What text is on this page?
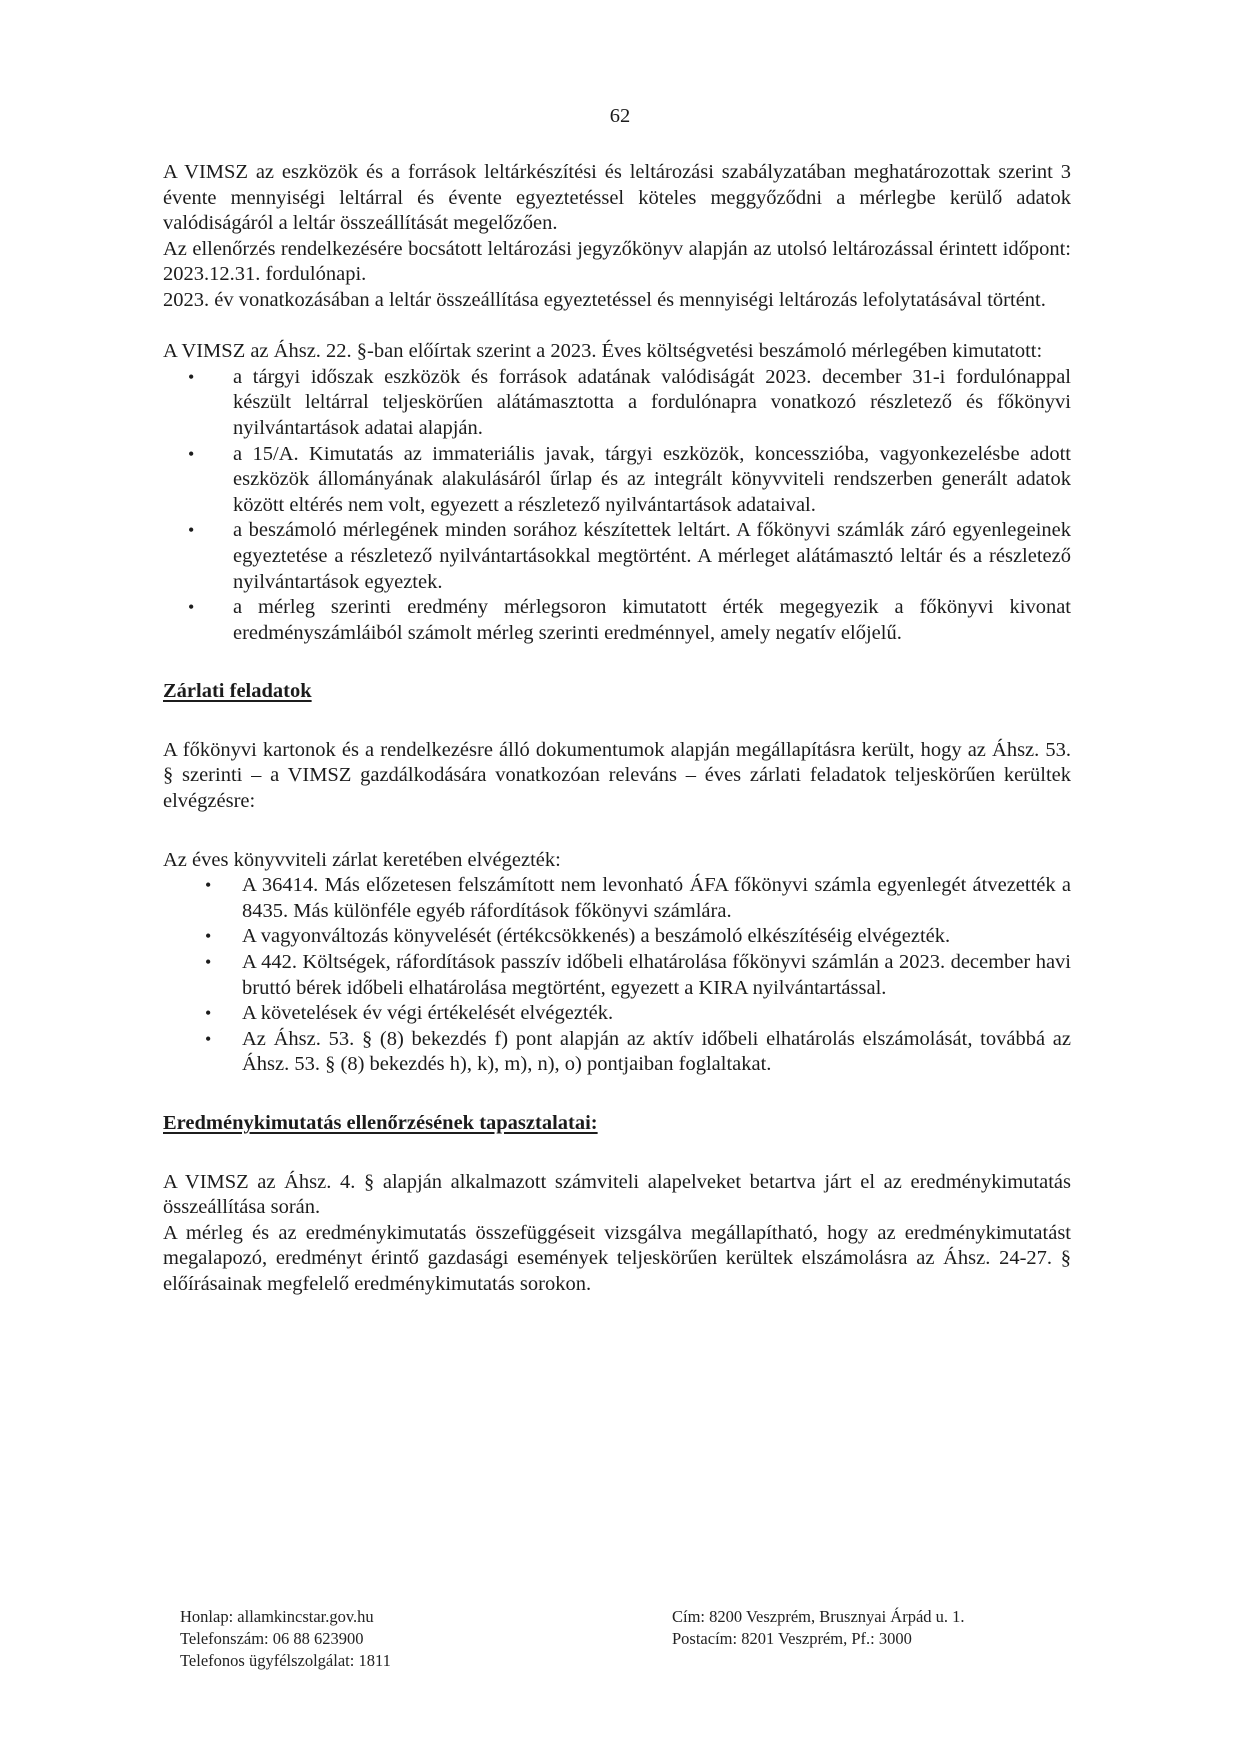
62

A VIMSZ az eszközök és a források leltárkészítési és leltározási szabályzatában meghatározottak szerint 3 évente mennyiségi leltárral és évente egyeztetéssel köteles meggyőződni a mérlegbe kerülő adatok valódiságáról a leltár összeállítását megelőzően.

Az ellenőrzés rendelkezésére bocsátott leltározási jegyzőkönyv alapján az utolsó leltározással érintett időpont: 2023.12.31. fordulónapi.

2023. év vonatkozásában a leltár összeállítása egyeztetéssel és mennyiségi leltározás lefolytatásával történt.

A VIMSZ az Áhsz. 22. §-ban előírtak szerint a 2023. Éves költségvetési beszámoló mérlegében kimutatott:

• a tárgyi időszak eszközök és források adatának valódiságát 2023. december 31-i fordulónappal készült leltárral teljeskörűen alátámasztotta a fordulónapra vonatkozó részletező és főkönyvi nyilvántartások adatai alapján.
• a 15/A. Kimutatás az immateriális javak, tárgyi eszközök, koncesszióba, vagyonkezelésbe adott eszközök állományának alakulásáról űrlap és az integrált könyvviteli rendszerben generált adatok között eltérés nem volt, egyezett a részletező nyilvántartások adataival.
• a beszámoló mérlegének minden sorához készítettek leltárt. A főkönyvi számlák záró egyenlegeinek egyeztetése a részletező nyilvántartásokkal megtörtént. A mérleget alátámasztó leltár és a részletező nyilvántartások egyeztek.
• a mérleg szerinti eredmény mérlegsoron kimutatott érték megegyezik a főkönyvi kivonat eredményszámláiból számolt mérleg szerinti eredménnyel, amely negatív előjelű.
Zárlati feladatok

A főkönyvi kartonok és a rendelkezésre álló dokumentumok alapján megállapításra került, hogy az Áhsz. 53. § szerinti – a VIMSZ gazdálkodására vonatkozóan releváns – éves zárlati feladatok teljeskörűen kerültek elvégzésre:

Az éves könyvviteli zárlat keretében elvégezték:

• A 36414. Más előzetesen felszámított nem levonható ÁFA főkönyvi számla egyenlegét átvezették a 8435. Más különféle egyéb ráfordítások főkönyvi számlára.
• A vagyonváltozás könyvelését (értékcsökkenés) a beszámoló elkészítéséig elvégezték.
• A 442. Költségek, ráfordítások passzív időbeli elhatárolása főkönyvi számlán a 2023. december havi bruttó bérek időbeli elhatárolása megtörtént, egyezett a KIRA nyilvántartással.
• A követelések év végi értékelését elvégezték.
• Az Áhsz. 53. § (8) bekezdés f) pont alapján az aktív időbeli elhatárolás elszámolását, továbbá az Áhsz. 53. § (8) bekezdés h), k), m), n), o) pontjaiban foglaltakat.
Eredménykimutatás ellenőrzésének tapasztalatai:

A VIMSZ az Áhsz. 4. § alapján alkalmazott számviteli alapelveket betartva járt el az eredménykimutatás összeállítása során.

A mérleg és az eredménykimutatás összefüggéseit vizsgálva megállapítható, hogy az eredménykimutatást megalapozó, eredményt érintő gazdasági események teljeskörűen kerültek elszámolásra az Áhsz. 24-27. § előírásainak megfelelő eredménykimutatás sorokon.

Honlap: allamkincstar.gov.hu
Telefonszám: 06 88 623900
Telefonos ügyfélszolgálat: 1811
Cím: 8200 Veszprém, Brusznyai Árpád u. 1.
Postacím: 8201 Veszprém, Pf.: 3000
